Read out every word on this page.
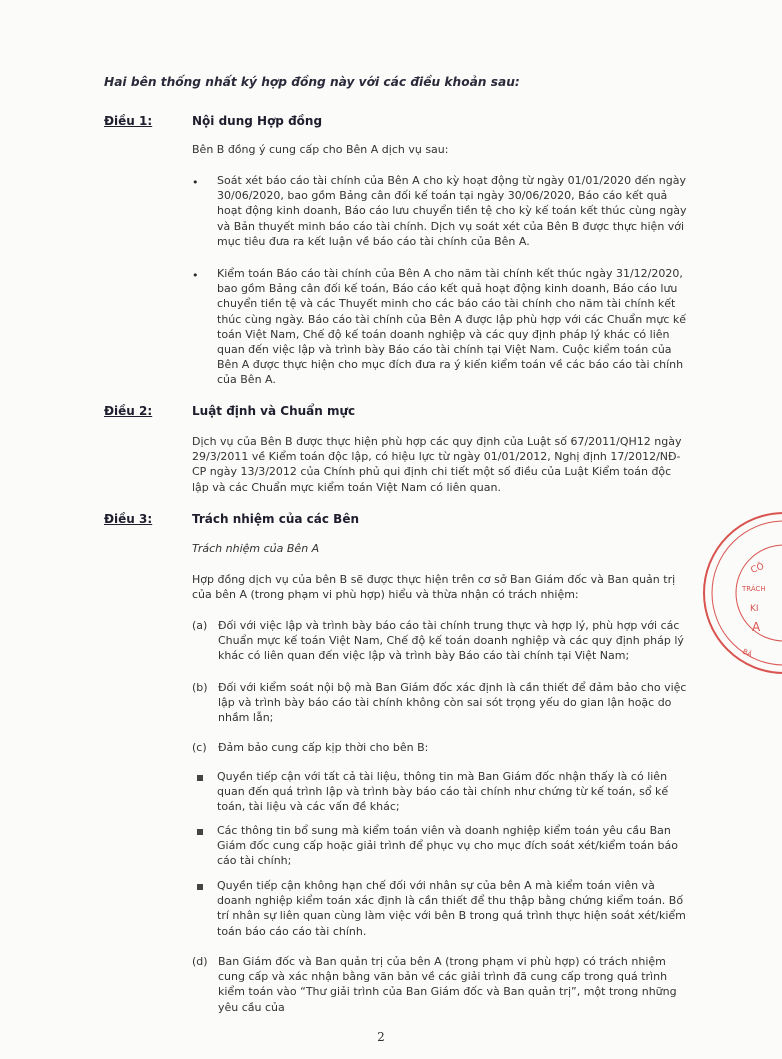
Hai bên thống nhất ký hợp đồng này với các điều khoản sau:
Điều 1:	Nội dung Hợp đồng
Bên B đồng ý cung cấp cho Bên A dịch vụ sau:
•	Soát xét báo cáo tài chính của Bên A cho kỳ hoạt động từ ngày 01/01/2020 đến ngày 30/06/2020, bao gồm Bảng cân đối kế toán tại ngày 30/06/2020, Báo cáo kết quả hoạt động kinh doanh, Báo cáo lưu chuyển tiền tệ cho kỳ kế toán kết thúc cùng ngày và Bản thuyết minh báo cáo tài chính. Dịch vụ soát xét của Bên B được thực hiện với mục tiêu đưa ra kết luận về báo cáo tài chính của Bên A.
•	Kiểm toán Báo cáo tài chính của Bên A cho năm tài chính kết thúc ngày 31/12/2020, bao gồm Bảng cân đối kế toán, Báo cáo kết quả hoạt động kinh doanh, Báo cáo lưu chuyển tiền tệ và các Thuyết minh cho các báo cáo tài chính cho năm tài chính kết thúc cùng ngày. Báo cáo tài chính của Bên A được lập phù hợp với các Chuẩn mực kế toán Việt Nam, Chế độ kế toán doanh nghiệp và các quy định pháp lý khác có liên quan đến việc lập và trình bày Báo cáo tài chính tại Việt Nam. Cuộc kiểm toán của Bên A được thực hiện cho mục đích đưa ra ý kiến kiểm toán về các báo cáo tài chính của Bên A.
Điều 2:	Luật định và Chuẩn mực
Dịch vụ của Bên B được thực hiện phù hợp các quy định của Luật số 67/2011/QH12 ngày 29/3/2011 về Kiểm toán độc lập, có hiệu lực từ ngày 01/01/2012, Nghị định 17/2012/NĐ-CP ngày 13/3/2012 của Chính phủ qui định chi tiết một số điều của Luật Kiểm toán độc lập và các Chuẩn mực kiểm toán Việt Nam có liên quan.
Điều 3:	Trách nhiệm của các Bên
Trách nhiệm của Bên A
Hợp đồng dịch vụ của bên B sẽ được thực hiện trên cơ sở Ban Giám đốc và Ban quản trị của bên A (trong phạm vi phù hợp) hiểu và thừa nhận có trách nhiệm:
(a) Đối với việc lập và trình bày báo cáo tài chính trung thực và hợp lý, phù hợp với các Chuẩn mực kế toán Việt Nam, Chế độ kế toán doanh nghiệp và các quy định pháp lý khác có liên quan đến việc lập và trình bày Báo cáo tài chính tại Việt Nam;
(b) Đối với kiểm soát nội bộ mà Ban Giám đốc xác định là cần thiết để đảm bảo cho việc lập và trình bày báo cáo tài chính không còn sai sót trọng yếu do gian lận hoặc do nhầm lẫn;
(c) Đảm bảo cung cấp kịp thời cho bên B:
Quyền tiếp cận với tất cả tài liệu, thông tin mà Ban Giám đốc nhận thấy là có liên quan đến quá trình lập và trình bày báo cáo tài chính như chứng từ kế toán, sổ kế toán, tài liệu và các vấn đề khác;
Các thông tin bổ sung mà kiểm toán viên và doanh nghiệp kiểm toán yêu cầu Ban Giám đốc cung cấp hoặc giải trình để phục vụ cho mục đích soát xét/kiểm toán báo cáo tài chính;
Quyền tiếp cận không hạn chế đối với nhân sự của bên A mà kiểm toán viên và doanh nghiệp kiểm toán xác định là cần thiết để thu thập bằng chứng kiểm toán. Bố trí nhân sự liên quan cùng làm việc với bên B trong quá trình thực hiện soát xét/kiểm toán báo cáo cáo tài chính.
(d) Ban Giám đốc và Ban quản trị của bên A (trong phạm vi phù hợp) có trách nhiệm cung cấp và xác nhận bằng văn bản về các giải trình đã cung cấp trong quá trình kiểm toán vào “Thư giải trình của Ban Giám đốc và Ban quản trị”, một trong những yêu cầu của
2
CÔ
TRÁCH
KI
A
BÀ
